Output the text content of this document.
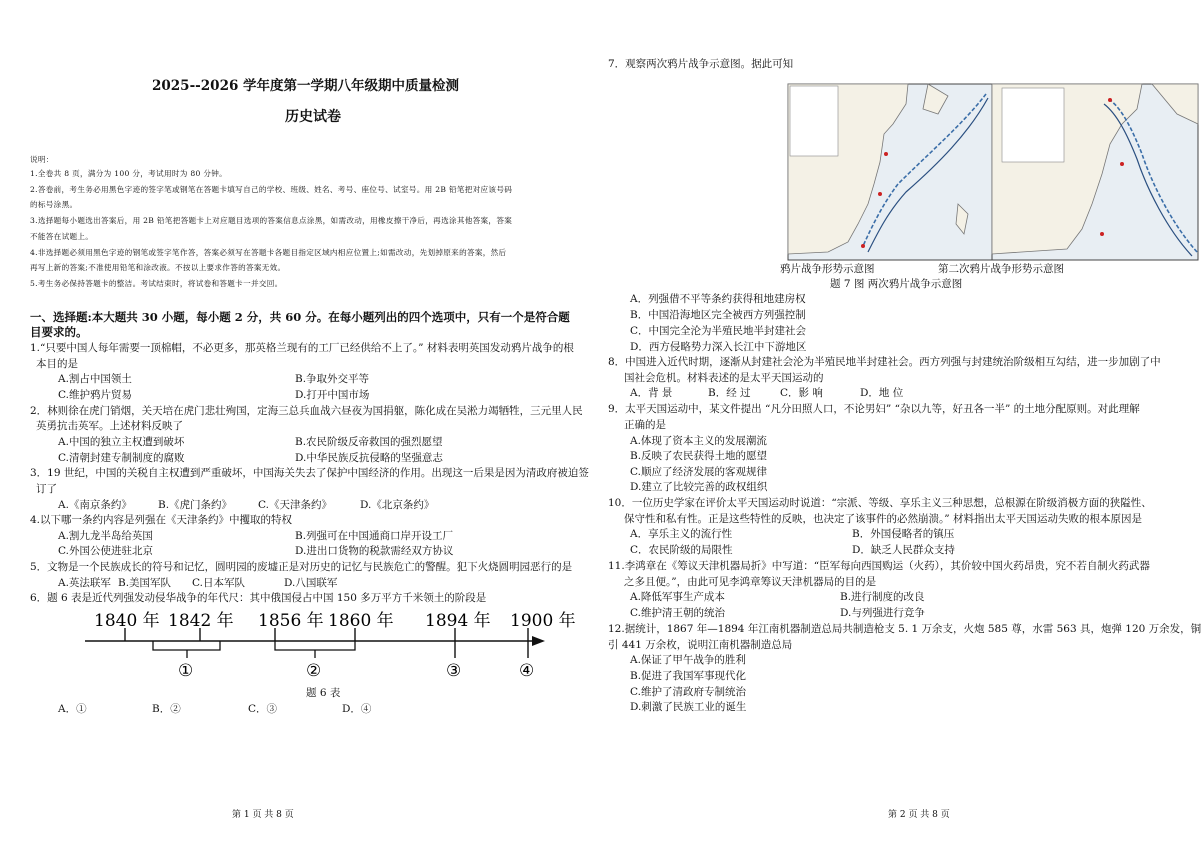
2025--2026 学年度第一学期八年级期中质量检测
历史试卷
说明：
1.全卷共 8 页，满分为 100 分，考试用时为 80 分钟。
2.答卷前，考生务必用黑色字迹的签字笔或钢笔在答题卡填写自己的学校、班级、姓名、考号、座位号、试室号。用 2B 铅笔把对应该号码
的标号涂黑。
3.选择题每小题选出答案后，用 2B 铅笔把答题卡上对应题目选项的答案信息点涂黑，如需改动，用橡皮擦干净后，再选涂其他答案，答案
不能答在试题上。
4.非选择题必须用黑色字迹的钢笔或签字笔作答，答案必须写在答题卡各题目指定区域内相应位置上;如需改动，先划掉原来的答案，然后
再写上新的答案;不准使用铅笔和涂改液。不按以上要求作答的答案无效。
5.考生务必保持答题卡的整洁。考试结束时，将试卷和答题卡一并交回。
一、选择题:本大题共 30 小题，每小题 2 分，共 60 分。在每小题列出的四个选项中，只有一个是符合题
目要求的。
1.“只要中国人每年需要一顶棉帽，不必更多，那英格兰现有的工厂已经供给不上了。” 材料表明英国发动鸦片战争的根
本目的是
A.割占中国领土	B.争取外交平等
C.维护鸦片贸易	D.打开中国市场
2．林则徐在虎门销烟，关天培在虎门悲壮殉国，定海三总兵血战六昼夜为国捐躯，陈化成在吴淞力竭牺牲，三元里人民
英勇抗击英军。上述材料反映了
A.中国的独立主权遭到破坏	B.农民阶级反帝救国的强烈愿望
C.清朝封建专制制度的腐败	D.中华民族反抗侵略的坚强意志
3．19 世纪，中国的关税自主权遭到严重破坏，中国海关失去了保护中国经济的作用。出现这一后果是因为清政府被迫签
订了
A.《南京条约》 B.《虎门条约》 C.《天津条约》	D.《北京条约》
4.以下哪一条约内容是列强在《天津条约》中攫取的特权
A.割九龙半岛给英国	B.列强可在中国通商口岸开设工厂
C.外国公使进驻北京	D.进出口货物的税款需经双方协议
5．文物是一个民族成长的符号和记忆，圆明园的废墟正是对历史的记忆与民族危亡的警醒。犯下火烧圆明园恶行的是
A.英法联军 B.美国军队 C.日本军队	D.八国联军
6．题 6 表是近代列强发动侵华战争的年代尺：其中俄国侵占中国 150 多万平方千米领土的阶段是
1840 年 1842 年 1856 年 1860 年 1894 年 1900 年
①	②	③	④
题 6 表
A．①	B．②	C．③	D．④
第 1 页 共 8 页
7．观察两次鸦片战争示意图。据此可知
鸦片战争形势示意图	第二次鸦片战争形势示意图
题 7 图 两次鸦片战争示意图
A．列强借不平等条约获得租地建房权
B．中国沿海地区完全被西方列强控制
C．中国完全沦为半殖民地半封建社会
D．西方侵略势力深入长江中下游地区
8．中国进入近代时期，逐渐从封建社会沦为半殖民地半封建社会。西方列强与封建统治阶级相互勾结，进一步加剧了中
国社会危机。材料表述的是太平天国运动的
A．背 景	B．经 过	C．影 响	D．地 位
9．太平天国运动中，某文件提出 “凡分田照人口，不论男妇” “杂以九等，好丑各一半” 的土地分配原则。对此理解
正确的是
A.体现了资本主义的发展潮流
B.反映了农民获得土地的愿望
C.顺应了经济发展的客观规律
D.建立了比较完善的政权组织
10．一位历史学家在评价太平天国运动时说道：“宗派、等级、享乐主义三种思想，总根源在阶级消极方面的狭隘性、
保守性和私有性。正是这些特性的反映，也决定了该事件的必然崩溃。” 材料指出太平天国运动失败的根本原因是
A．享乐主义的流行性	B．外国侵略者的镇压
C．农民阶级的局限性	D．缺乏人民群众支持
11.李鸿章在《筹议天津机器局折》中写道：“臣军每向西国购运（火药），其价较中国火药昂贵，究不若自制火药武器
之多且便。”，由此可见李鸿章筹议天津机器局的目的是
A.降低军事生产成本	B.进行制度的改良
C.维护清王朝的统治	D.与列强进行竞争
12.据统计，1867 年—1894 年江南机器制造总局共制造枪支 5. 1 万余支，火炮 585 尊，水雷 563 具，炮弹 120 万余发，铜
引 441 万余枚，说明江南机器制造总局
A.保证了甲午战争的胜利
B.促进了我国军事现代化
C.维护了清政府专制统治
D.刺激了民族工业的诞生
第 2 页 共 8 页
